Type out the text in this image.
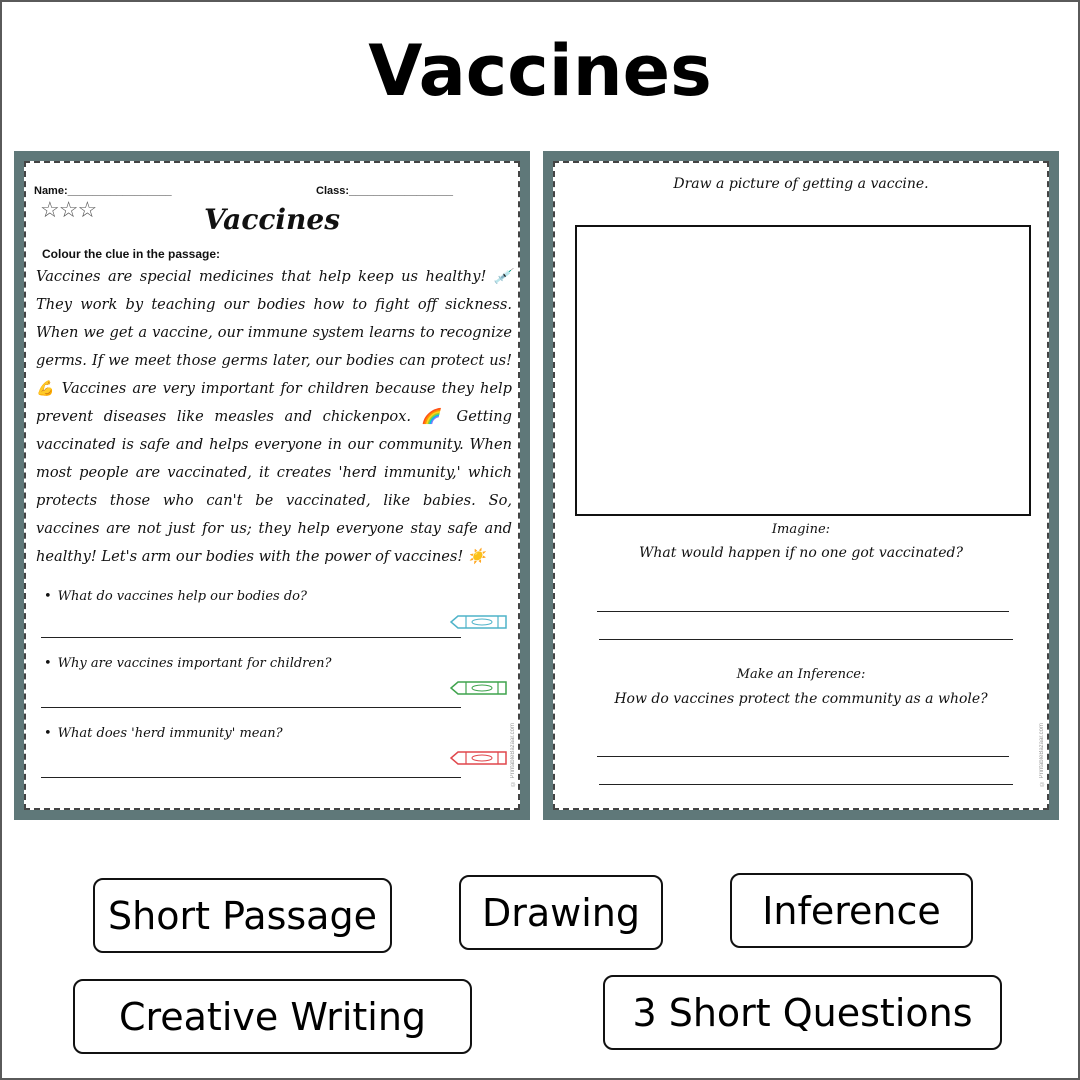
Vaccines
Name:_________________	Class:_________________
☆☆☆	Vaccines
Colour the clue in the passage:
Vaccines are special medicines that help keep us healthy! 💉 They work by teaching our bodies how to fight off sickness. When we get a vaccine, our immune system learns to recognize germs. If we meet those germs later, our bodies can protect us! 💪 Vaccines are very important for children because they help prevent diseases like measles and chickenpox. 🌈 Getting vaccinated is safe and helps everyone in our community. When most people are vaccinated, it creates 'herd immunity,' which protects those who can't be vaccinated, like babies. So, vaccines are not just for us; they help everyone stay safe and healthy! Let's arm our bodies with the power of vaccines! ☀️
• What do vaccines help our bodies do?
• Why are vaccines important for children?
• What does 'herd immunity' mean?	© PrintableBazaar.com
Draw a picture of getting a vaccine.
Imagine:
What would happen if no one got vaccinated?
Make an Inference:
How do vaccines protect the community as a whole?
© PrintableBazaar.com
Short Passage	Drawing	Inference
Creative Writing	3 Short Questions
